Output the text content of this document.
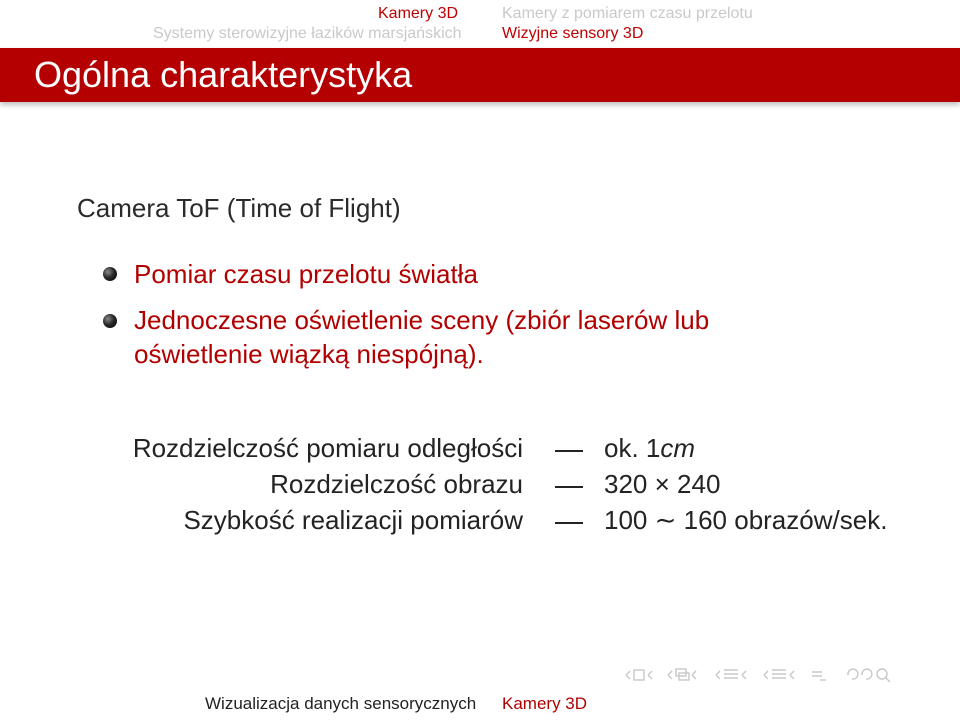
Kamery 3D
Systemy sterowizyjne łazików marsjańskich
Kamery z pomiarem czasu przelotu
Wizyjne sensory 3D
Ogólna charakterystyka
Camera ToF (Time of Flight)
Pomiar czasu przelotu światła
Jednoczesne oświetlenie sceny (zbiór laserów lub
oświetlenie wiązką niespójną).
Rozdzielczość pomiaru odległości	ok. 1cm
Rozdzielczość obrazu	320 × 240
Szybkość realizacji pomiarów	100 ∼ 160 obrazów/sek.
Wizualizacja danych sensorycznych Kamery 3D
